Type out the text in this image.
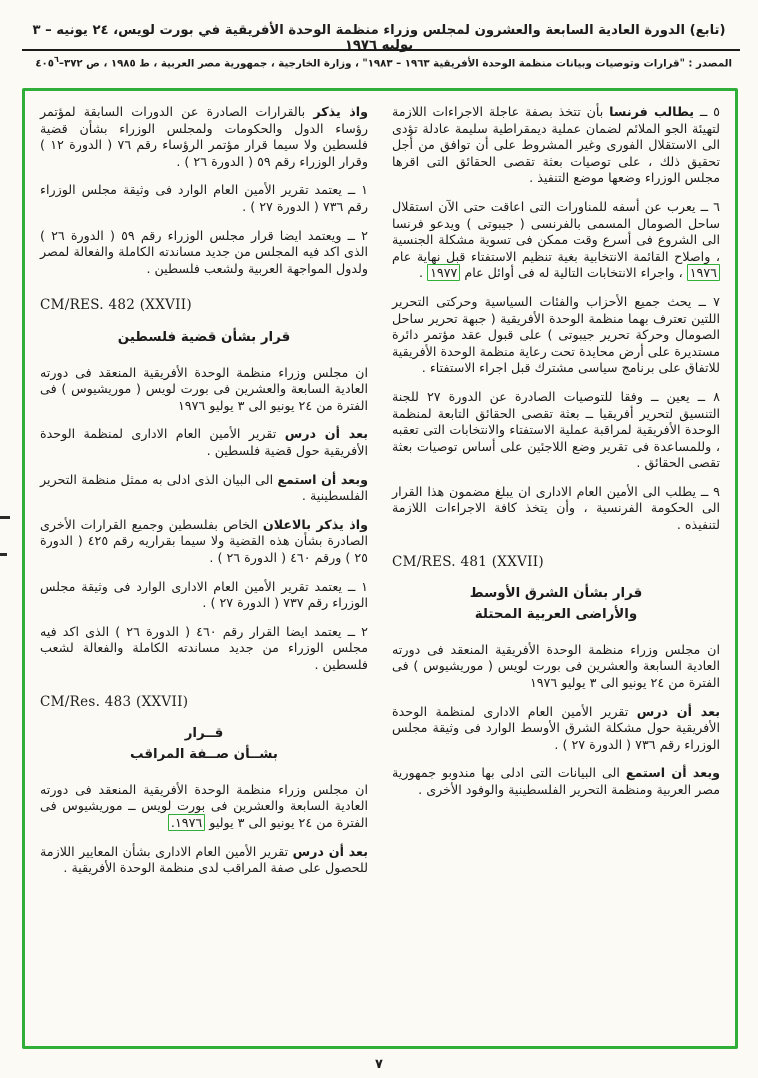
(تابع) الدورة العادية السابعة والعشرون لمجلس وزراء منظمة الوحدة الأفريقية في بورت لويس، ٢٤ يونيه – ٣ يوليه ١٩٧٦
المصدر : "قرارات وتوصيات وبيانات منظمة الوحدة الأفريقية ١٩٦٣ – ١٩٨٣" ، وزارة الخارجية ، جمهورية مصر العربية ، ط ١٩٨٥ ، ص $٣٧٢-٤٠٥^٦$

٥ ــ يطالب فرنسا بأن تتخذ بصفة عاجلة الاجراءات اللازمة لتهيئة الجو الملائم لضمان عملية ديمقراطية سليمة عادلة تؤدى الى الاستقلال الفورى وغير المشروط على أن توافق من أجل تحقيق ذلك ، على توصيات بعثة تقصى الحقائق التى اقرها مجلس الوزراء وضعها موضع التنفيذ .

٦ ــ يعرب عن أسفه للمناورات التى اعاقت حتى الآن استقلال ساحل الصومال المسمى بالفرنسى ( جيبوتى ) ويدعو فرنسا الى الشروع فى أسرع وقت ممكن فى تسوية مشكلة الجنسية ، واصلاح القائمة الانتخابية بغية تنظيم الاستفتاء قبل نهاية عام ١٩٧٦ ، واجراء الانتخابات التالية له فى أوائل عام ١٩٧٧ .

٧ ــ يحث جميع الأحزاب والفئات السياسية وحركتى التحرير اللتين تعترف بهما منظمة الوحدة الأفريقية ( جبهة تحرير ساحل الصومال وحركة تحرير جيبوتى ) على قبول عقد مؤتمر دائرة مستديرة على أرض محايدة تحت رعاية منظمة الوحدة الأفريقية للاتفاق على برنامج سياسى مشترك قبل اجراء الاستفتاء .

٨ ــ يعين ــ وفقا للتوصيات الصادرة عن الدورة ٢٧ للجنة التنسيق لتحرير أفريقيا ــ بعثة تقصى الحقائق التابعة لمنظمة الوحدة الأفريقية لمراقبة عملية الاستفتاء والانتخابات التى تعقبه ، وللمساعدة فى تقرير وضع اللاجئين على أساس توصيات بعثة تقصى الحقائق .

٩ ــ يطلب الى الأمين العام الادارى ان يبلغ مضمون هذا القرار الى الحكومة الفرنسية ، وأن يتخذ كافة الاجراءات اللازمة لتنفيذه .

CM/RES. 481 (XXVII)
قرار بشأن الشرق الأوسط
والأراضى العربية المحتلة

ان مجلس وزراء منظمة الوحدة الأفريقية المنعقد فى دورته العادية السابعة والعشرين فى بورت لويس ( موريشيوس ) فى الفترة من ٢٤ يونيو الى ٣ يوليو ١٩٧٦

بعد أن درس تقرير الأمين العام الادارى لمنظمة الوحدة الأفريقية حول مشكلة الشرق الأوسط الوارد فى وثيقة مجلس الوزراء رقم ٧٣٦ ( الدورة ٢٧ ) .

وبعد أن استمع الى البيانات التى ادلى بها مندوبو جمهورية مصر العربية ومنظمة التحرير الفلسطينية والوفود الأخرى .

واذ يذكر بالقرارات الصادرة عن الدورات السابقة لمؤتمر رؤساء الدول والحكومات ولمجلس الوزراء بشأن قضية فلسطين ولا سيما قرار مؤتمر الرؤساء رقم ٧٦ ( الدورة ١٢ ) وقرار الوزراء رقم ٥٩ ( الدورة ٢٦ ) .

١ ــ يعتمد تقرير الأمين العام الوارد فى وثيقة مجلس الوزراء رقم ٧٣٦ ( الدورة ٢٧ ) .

٢ ــ ويعتمد ايضا قرار مجلس الوزراء رقم ٥٩ ( الدورة ٢٦ ) الذى اكد فيه المجلس من جديد مساندته الكاملة والفعالة لمصر ولدول المواجهة العربية ولشعب فلسطين .

CM/RES. 482 (XXVII)
قرار بشأن قضية فلسطين

ان مجلس وزراء منظمة الوحدة الأفريقية المنعقد فى دورته العادية السابعة والعشرين فى بورت لويس ( موريشيوس ) فى الفترة من ٢٤ يونيو الى ٣ يوليو ١٩٧٦

بعد أن درس تقرير الأمين العام الادارى لمنظمة الوحدة الأفريقية حول قضية فلسطين .

وبعد أن استمع الى البيان الذى ادلى به ممثل منظمة التحرير الفلسطينية .

واذ يذكر بالاعلان الخاص بفلسطين وجميع القرارات الأخرى الصادرة بشأن هذه القضية ولا سيما بقراريه رقم ٤٢٥ ( الدورة ٢٥ ) ورقم ٤٦٠ ( الدورة ٢٦ ) .

١ ــ يعتمد تقرير الأمين العام الادارى الوارد فى وثيقة مجلس الوزراء رقم ٧٣٧ ( الدورة ٢٧ ) .

٢ ــ يعتمد ايضا القرار رقم ٤٦٠ ( الدورة ٢٦ ) الذى اكد فيه مجلس الوزراء من جديد مساندته الكاملة والفعالة لشعب فلسطين .

CM/Res. 483 (XXVII)
قــرار
بشــأن صــفة المراقب

ان مجلس وزراء منظمة الوحدة الأفريقية المنعقد فى دورته العادية السابعة والعشرين فى بورت لويس ــ موريشيوس فى الفترة من ٢٤ يونيو الى ٣ يوليو ١٩٧٦.

بعد أن درس تقرير الأمين العام الادارى بشأن المعايير اللازمة للحصول على صفة المراقب لدى منظمة الوحدة الأفريقية .

٧
